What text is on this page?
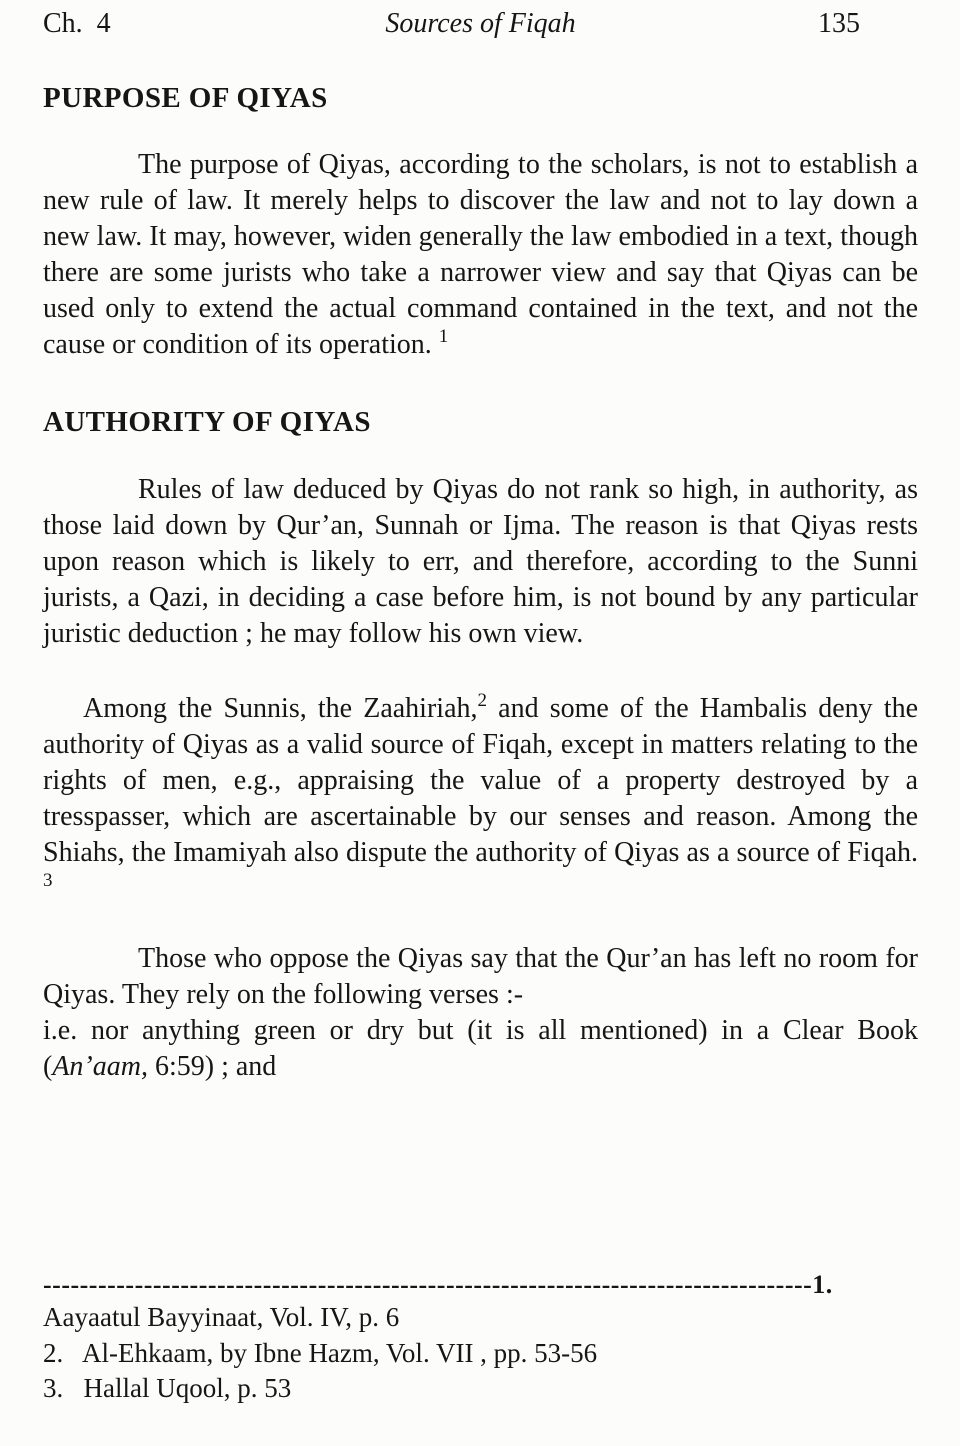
Ch.  4	Sources of Fiqah	135
PURPOSE OF QIYAS

The purpose of Qiyas, according to the scholars, is not to establish a new rule of law. It merely helps to discover the law and not to lay down a new law. It may, however, widen generally the law embodied in a text, though there are some jurists who take a narrower view and say that Qiyas can be used only to extend the actual command contained in the text, and not the cause or condition of its operation. $^1$

AUTHORITY OF QIYAS

Rules of law deduced by Qiyas do not rank so high, in authority, as those laid down by Qur’an, Sunnah or Ijma. The reason is that Qiyas rests upon reason which is likely to err, and therefore, according to the Sunni jurists, a Qazi, in deciding a case before him, is not bound by any particular juristic deduction ; he may follow his own view.

Among the Sunnis, the Zaahiriah,$^2$ and some of the Hambalis deny the authority of Qiyas as a valid source of Fiqah, except in matters relating to the rights of men, e.g., appraising the value of a property destroyed by a tresspasser, which are ascertainable by our senses and reason. Among the Shiahs, the Imamiyah also dispute the authority of Qiyas as a source of Fiqah. $^3$

Those who oppose the Qiyas say that the Qur’an has left no room for Qiyas. They rely on the following verses :-
i.e. nor anything green or dry but (it is all mentioned) in a Clear Book (An’aam, 6:59) ; and

------------------------------------------------------------------------------------1.
Aayaatul Bayyinaat, Vol. IV, p. 6
2.   Al-Ehkaam, by Ibne Hazm, Vol. VII , pp. 53-56
3.   Hallal Uqool, p. 53
